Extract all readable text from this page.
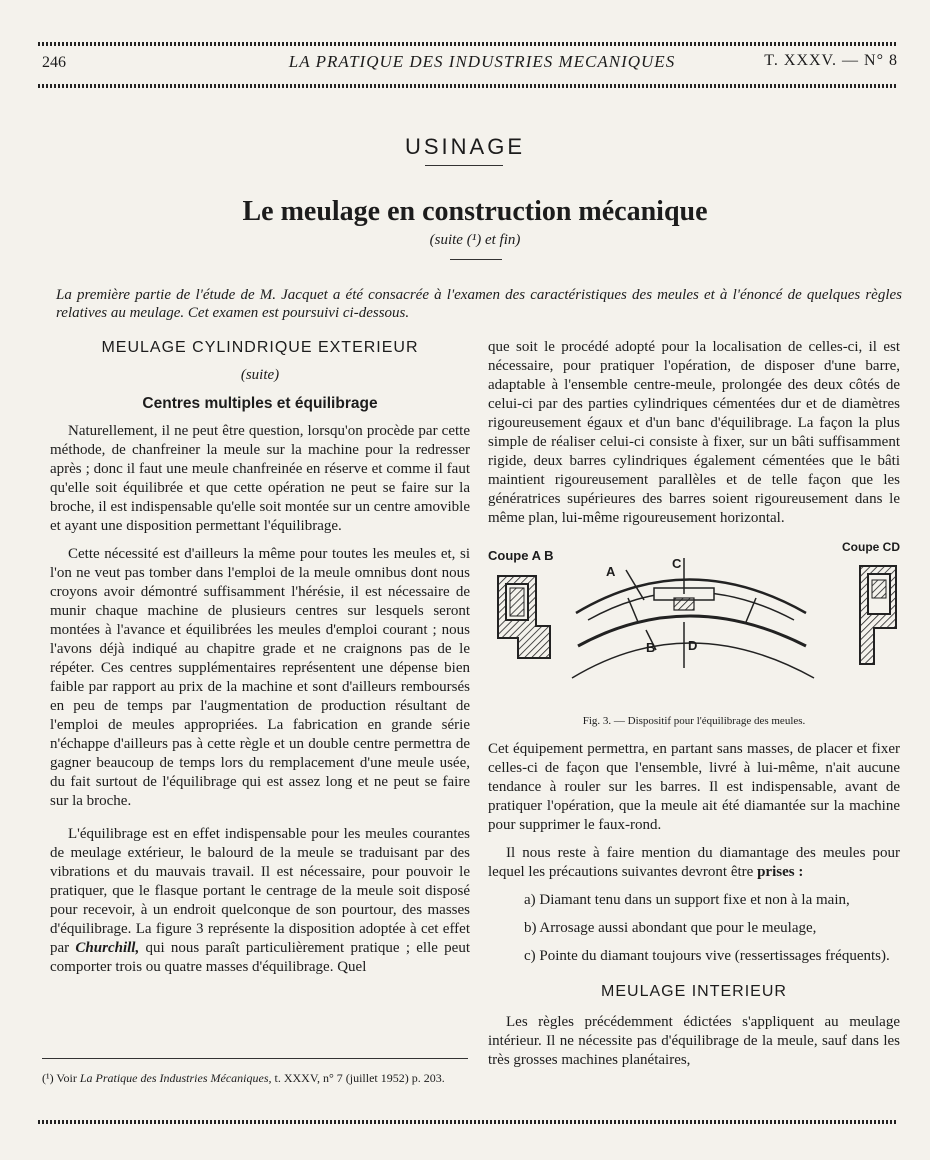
246	LA PRATIQUE DES INDUSTRIES MECANIQUES	T. XXXV. — N° 8
USINAGE
Le meulage en construction mécanique
(suite (¹) et fin)
La première partie de l'étude de M. Jacquet a été consacrée à l'examen des caractéristiques des meules et à l'énoncé de quelques règles relatives au meulage. Cet examen est poursuivi ci-dessous.

MEULAGE CYLINDRIQUE EXTERIEUR

(suite)

Centres multiples et équilibrage

Naturellement, il ne peut être question, lorsqu'on procède par cette méthode, de chanfreiner la meule sur la machine pour la redresser après ; donc il faut une meule chanfreinée en réserve et comme il faut qu'elle soit équilibrée et que cette opération ne peut se faire sur la broche, il est indispensable qu'elle soit montée sur un centre amovible et ayant une disposition permettant l'équilibrage.

Cette nécessité est d'ailleurs la même pour toutes les meules et, si l'on ne veut pas tomber dans l'emploi de la meule omnibus dont nous croyons avoir démontré suffisamment l'hérésie, il est nécessaire de munir chaque machine de plusieurs centres sur lesquels seront montées à l'avance et équilibrées les meules d'emploi courant ; nous l'avons déjà indiqué au chapitre grade et ne craignons pas de le répéter. Ces centres supplémentaires représentent une dépense bien faible par rapport au prix de la machine et sont d'ailleurs remboursés en peu de temps par l'augmentation de production résultant de l'emploi de meules appropriées. La fabrication en grande série n'échappe d'ailleurs pas à cette règle et un double centre permettra de gagner beaucoup de temps lors du remplacement d'une meule usée, du fait surtout de l'équilibrage qui est assez long et ne peut se faire sur la broche.

L'équilibrage est en effet indispensable pour les meules courantes de meulage extérieur, le balourd de la meule se traduisant par des vibrations et du mauvais travail. Il est nécessaire, pour pouvoir le pratiquer, que le flasque portant le centrage de la meule soit disposé pour recevoir, à un endroit quelconque de son pourtour, des masses d'équilibrage. La figure 3 représente la disposition adoptée à cet effet par Churchill, qui nous paraît particulièrement pratique ; elle peut comporter trois ou quatre masses d'équilibrage. Quel

(¹) Voir La Pratique des Industries Mécaniques, t. XXXV, n° 7 (juillet 1952) p. 203.

que soit le procédé adopté pour la localisation de celles-ci, il est nécessaire, pour pratiquer l'opération, de disposer d'une barre, adaptable à l'ensemble centre-meule, prolongée des deux côtés de celui-ci par des parties cylindriques cémentées dur et de diamètres rigoureusement égaux et d'un banc d'équilibrage. La façon la plus simple de réaliser celui-ci consiste à fixer, sur un bâti suffisamment rigide, deux barres cylindriques également cémentées que le bâti maintient rigoureusement parallèles et de telle façon que les génératrices supérieures des barres soient rigoureusement dans le même plan, lui-même rigoureusement horizontal.

Coupe A B
Coupe CD
A
C
B	D

Fig. 3. — Dispositif pour l'équilibrage des meules.

Cet équipement permettra, en partant sans masses, de placer et fixer celles-ci de façon que l'ensemble, livré à lui-même, n'ait aucune tendance à rouler sur les barres. Il est indispensable, avant de pratiquer l'opération, que la meule ait été diamantée sur la machine pour supprimer le faux-rond.

Il nous reste à faire mention du diamantage des meules pour lequel les précautions suivantes devront être prises :

a) Diamant tenu dans un support fixe et non à la main,

b) Arrosage aussi abondant que pour le meulage,

c) Pointe du diamant toujours vive (ressertissages fréquents).

MEULAGE INTERIEUR

Les règles précédemment édictées s'appliquent au meulage intérieur. Il ne nécessite pas d'équilibrage de la meule, sauf dans les très grosses machines planétaires,
